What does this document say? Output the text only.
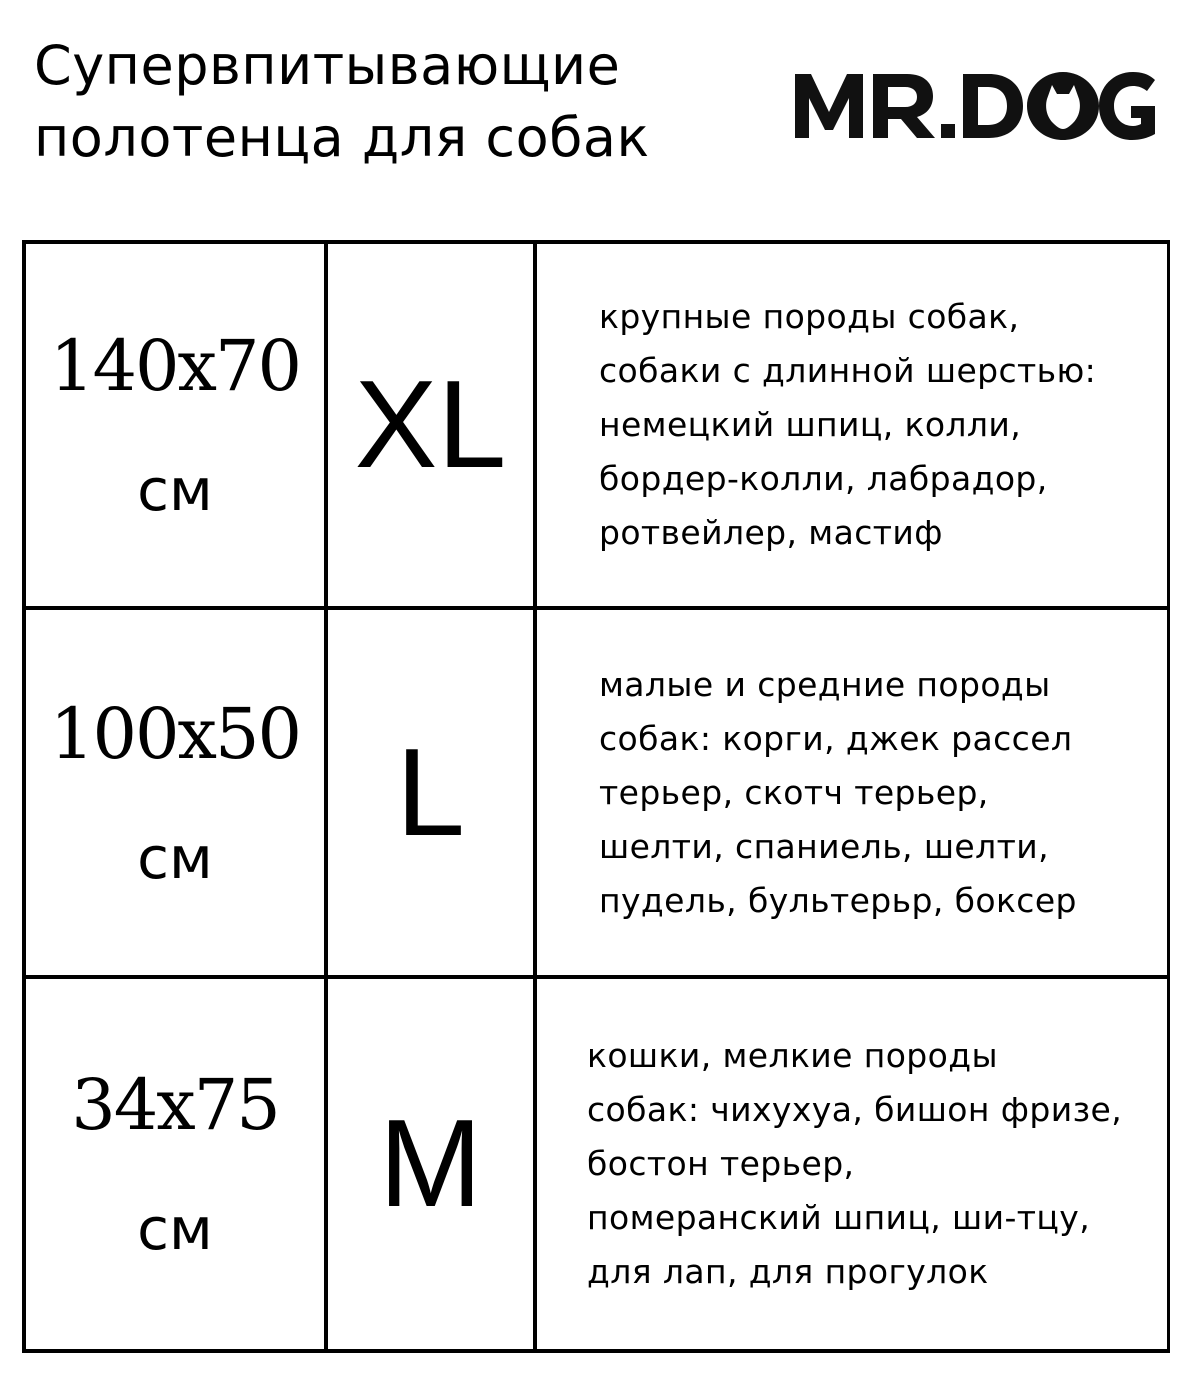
Супервпитывающие
полотенца для собак
140x70
см XL
крупные породы собак,
собаки с длинной шерстью:
немецкий шпиц, колли,
бордер-колли, лабрадор,
ротвейлер, мастиф
100x50
см L
малые и средние породы
собак: корги, джек рассел
терьер, скотч терьер,
шелти, спаниель, шелти,
пудель, бультерьр, боксер
34x75
см M
кошки, мелкие породы
собак: чихухуа, бишон фризе,
бостон терьер,
померанский шпиц, ши-тцу,
для лап, для прогулок
